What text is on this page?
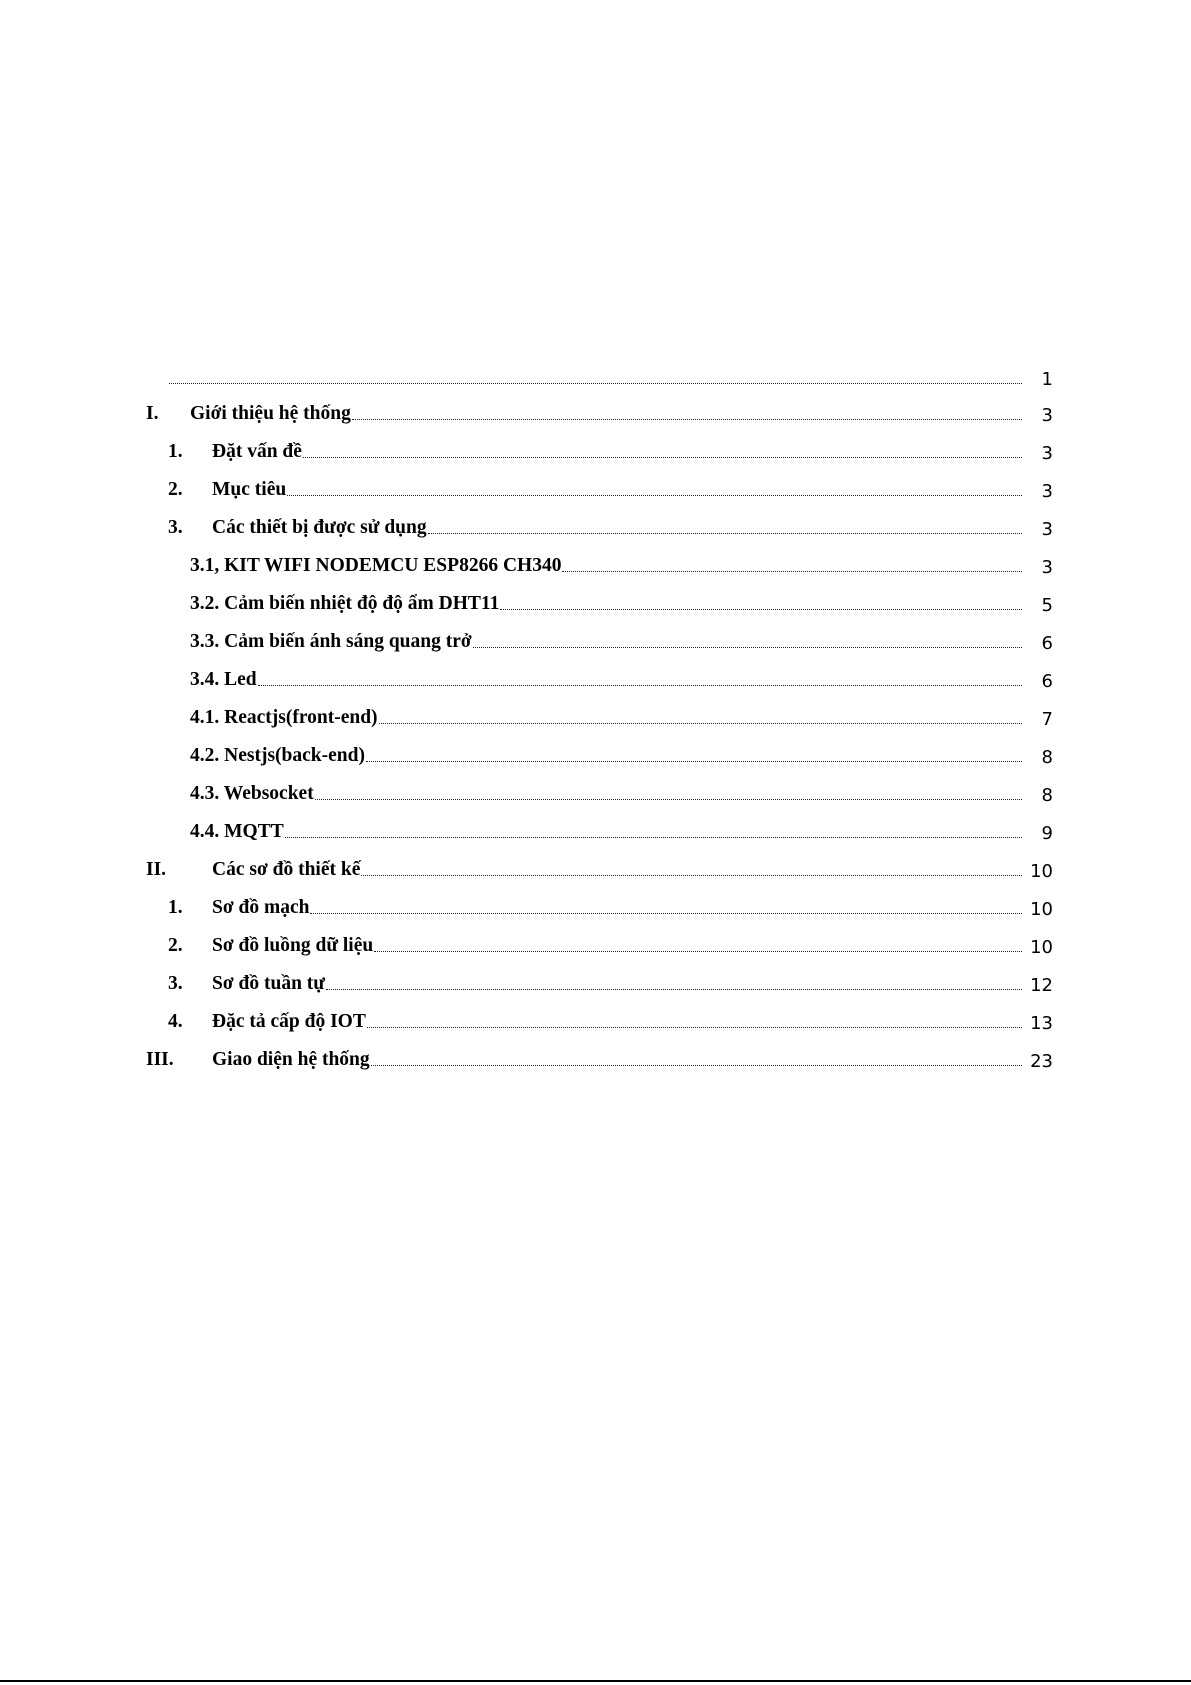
1
I. Giới thiệu hệ thống	3
1. Đặt vấn đề	3
2. Mục tiêu	3
3. Các thiết bị được sử dụng	3
3.1, KIT WIFI NODEMCU ESP8266 CH340	3
3.2. Cảm biến nhiệt độ độ ẩm DHT11	5
3.3. Cảm biến ánh sáng quang trở	6
3.4. Led	6
4.1. Reactjs(front-end)	7
4.2. Nestjs(back-end)	8
4.3. Websocket	8
4.4. MQTT	9
II. Các sơ đồ thiết kế	10
1. Sơ đồ mạch	10
2. Sơ đồ luồng dữ liệu	10
3. Sơ đồ tuần tự	12
4. Đặc tả cấp độ IOT	13
III. Giao diện hệ thống	23
